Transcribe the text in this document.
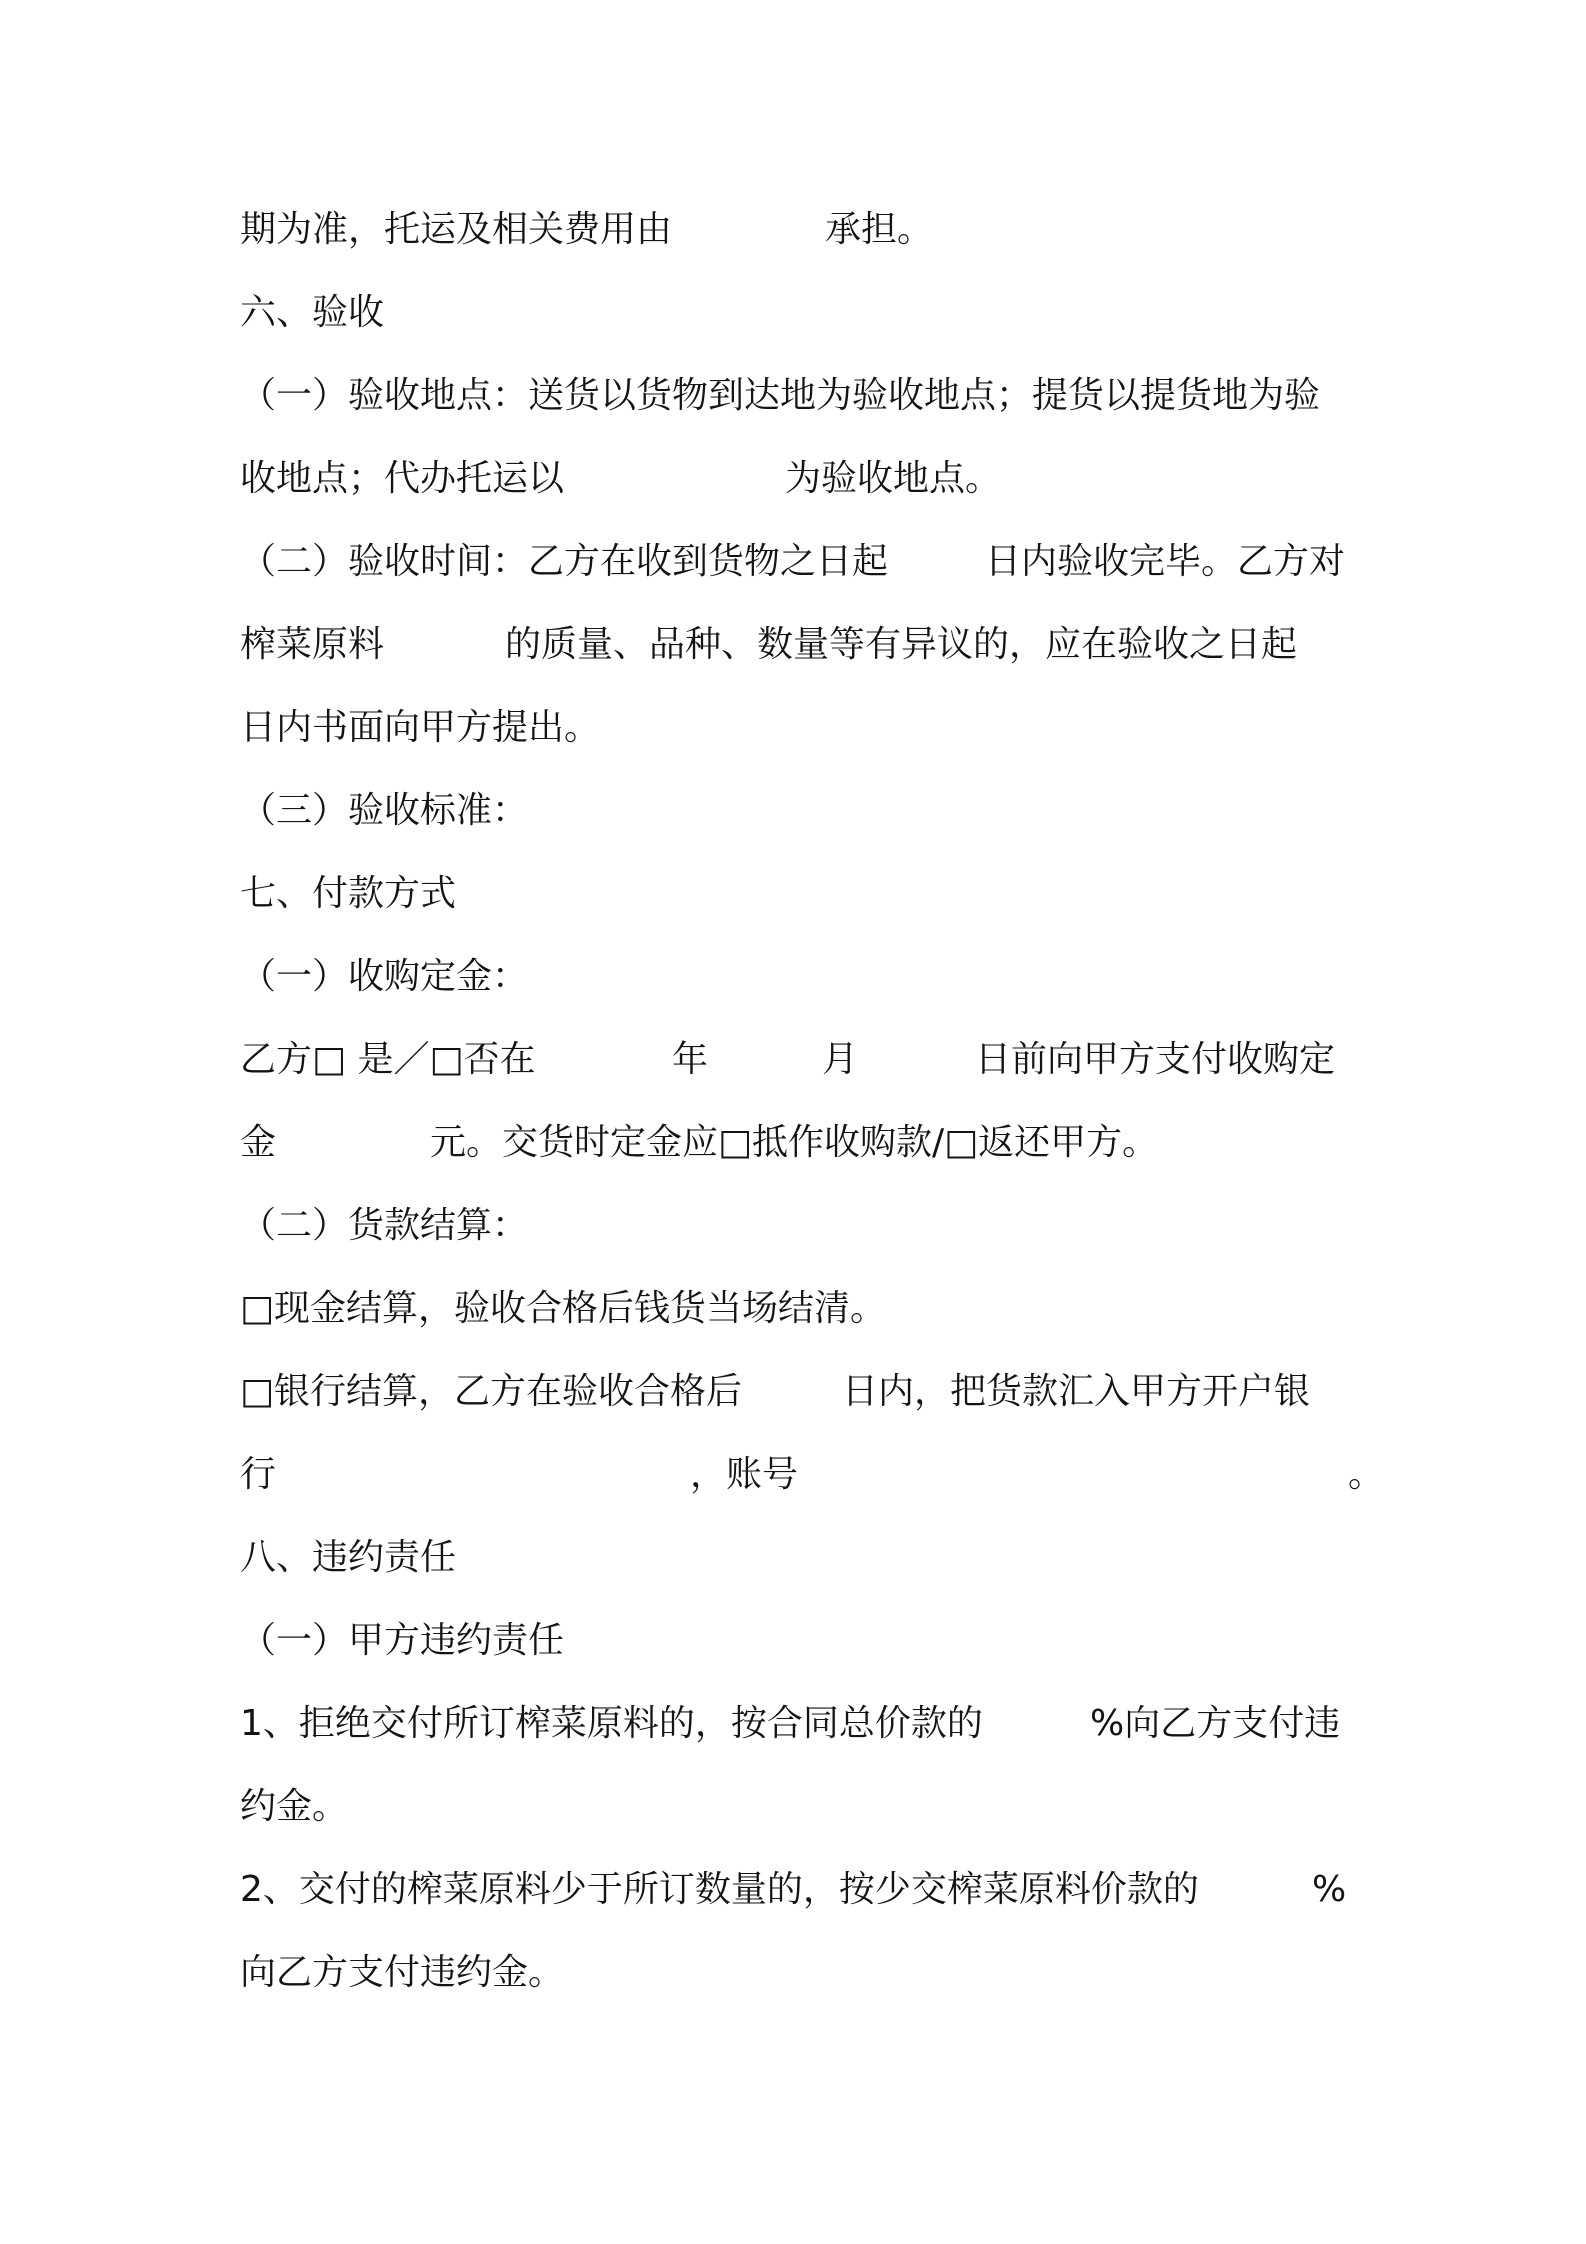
期为准，托运及相关费用由	承担。
六、验收
（一）验收地点：送货以货物到达地为验收地点；提货以提货地为验
收地点；代办托运以	为验收地点。
（二）验收时间：乙方在收到货物之日起	日内验收完毕。乙方对
榨菜原料	的质量、品种、数量等有异议的，应在验收之日起
日内书面向甲方提出。
（三）验收标准：
七、付款方式
（一）收购定金：
乙方□ 是／□否在	年	月	日前向甲方支付收购定
金	元。交货时定金应□抵作收购款/□返还甲方。
（二）货款结算：
□现金结算，验收合格后钱货当场结清。
□银行结算，乙方在验收合格后	日内，把货款汇入甲方开户银
行	，账号	。
八、违约责任
（一）甲方违约责任
1、拒绝交付所订榨菜原料的，按合同总价款的	%向乙方支付违
约金。
2、交付的榨菜原料少于所订数量的，按少交榨菜原料价款的	%
向乙方支付违约金。
